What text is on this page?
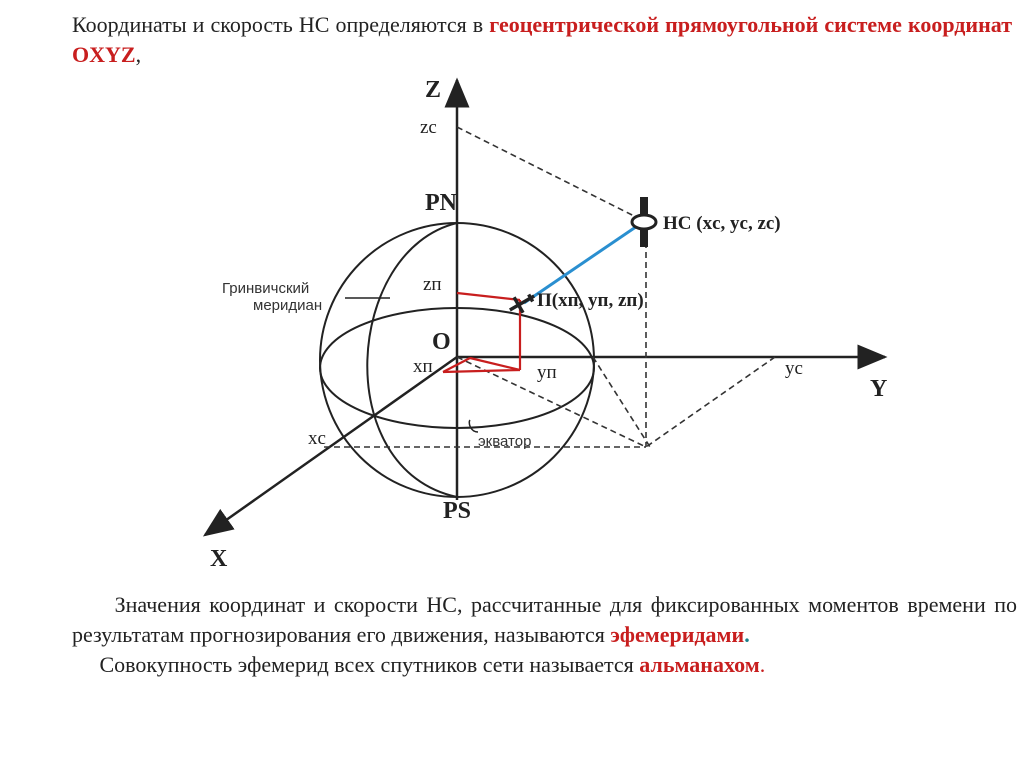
Координаты и скорость НС определяются в геоцентрической прямоугольной системе координат OXYZ,
Z
Y
X
O
zc
yc
xc
zп
yп
xп
PN
PS
НС (xc, yc, zc)
П(xп, yп, zп)
Гринвичский
меридиан
экватор
Значения координат и скорости НС, рассчитанные для фиксированных моментов времени по результатам прогнозирования его движения, называются эфемеридами.
Совокупность эфемерид всех спутников сети называется альманахом.
